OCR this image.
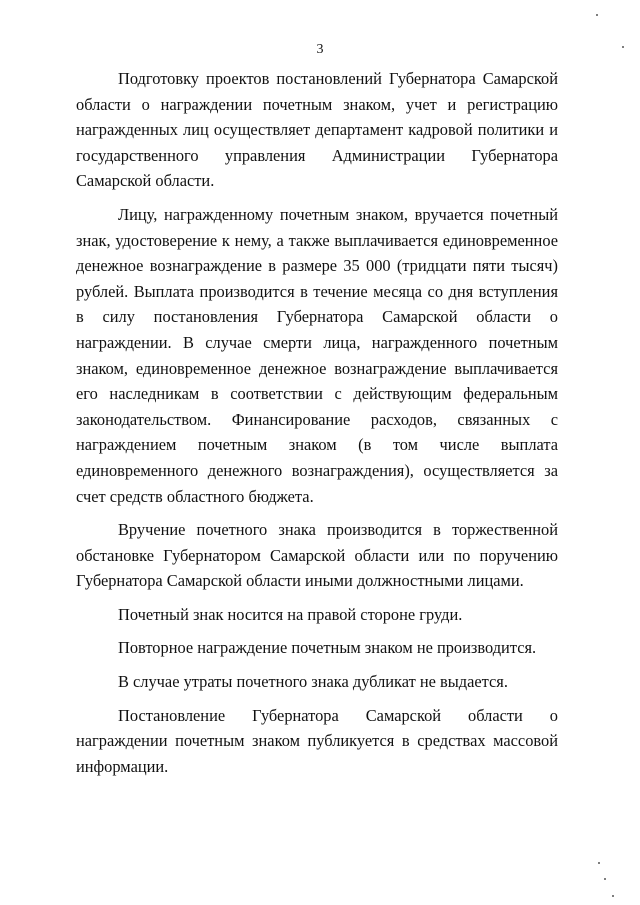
3

Подготовку проектов постановлений Губернатора Самарской области о награждении почетным знаком, учет и регистрацию награжденных лиц осуществляет департамент кадровой политики и государственного управления Администрации Губернатора Самарской области.

Лицу, награжденному почетным знаком, вручается почетный знак, удостоверение к нему, а также выплачивается единовременное денежное вознаграждение в размере 35 000 (тридцати пяти тысяч) рублей. Выплата производится в течение месяца со дня вступления в силу постановления Губернатора Самарской области о награждении. В случае смерти лица, награжденного почетным знаком, единовременное денежное вознаграждение выплачивается его наследникам в соответствии с действующим федеральным законодательством. Финансирование расходов, связанных с награждением почетным знаком (в том числе выплата единовременного денежного вознаграждения), осуществляется за счет средств областного бюджета.

Вручение почетного знака производится в торжественной обстановке Губернатором Самарской области или по поручению Губернатора Самарской области иными должностными лицами.

Почетный знак носится на правой стороне груди.

Повторное награждение почетным знаком не производится.

В случае утраты почетного знака дубликат не выдается.

Постановление Губернатора Самарской области о награждении почетным знаком публикуется в средствах массовой информации.
